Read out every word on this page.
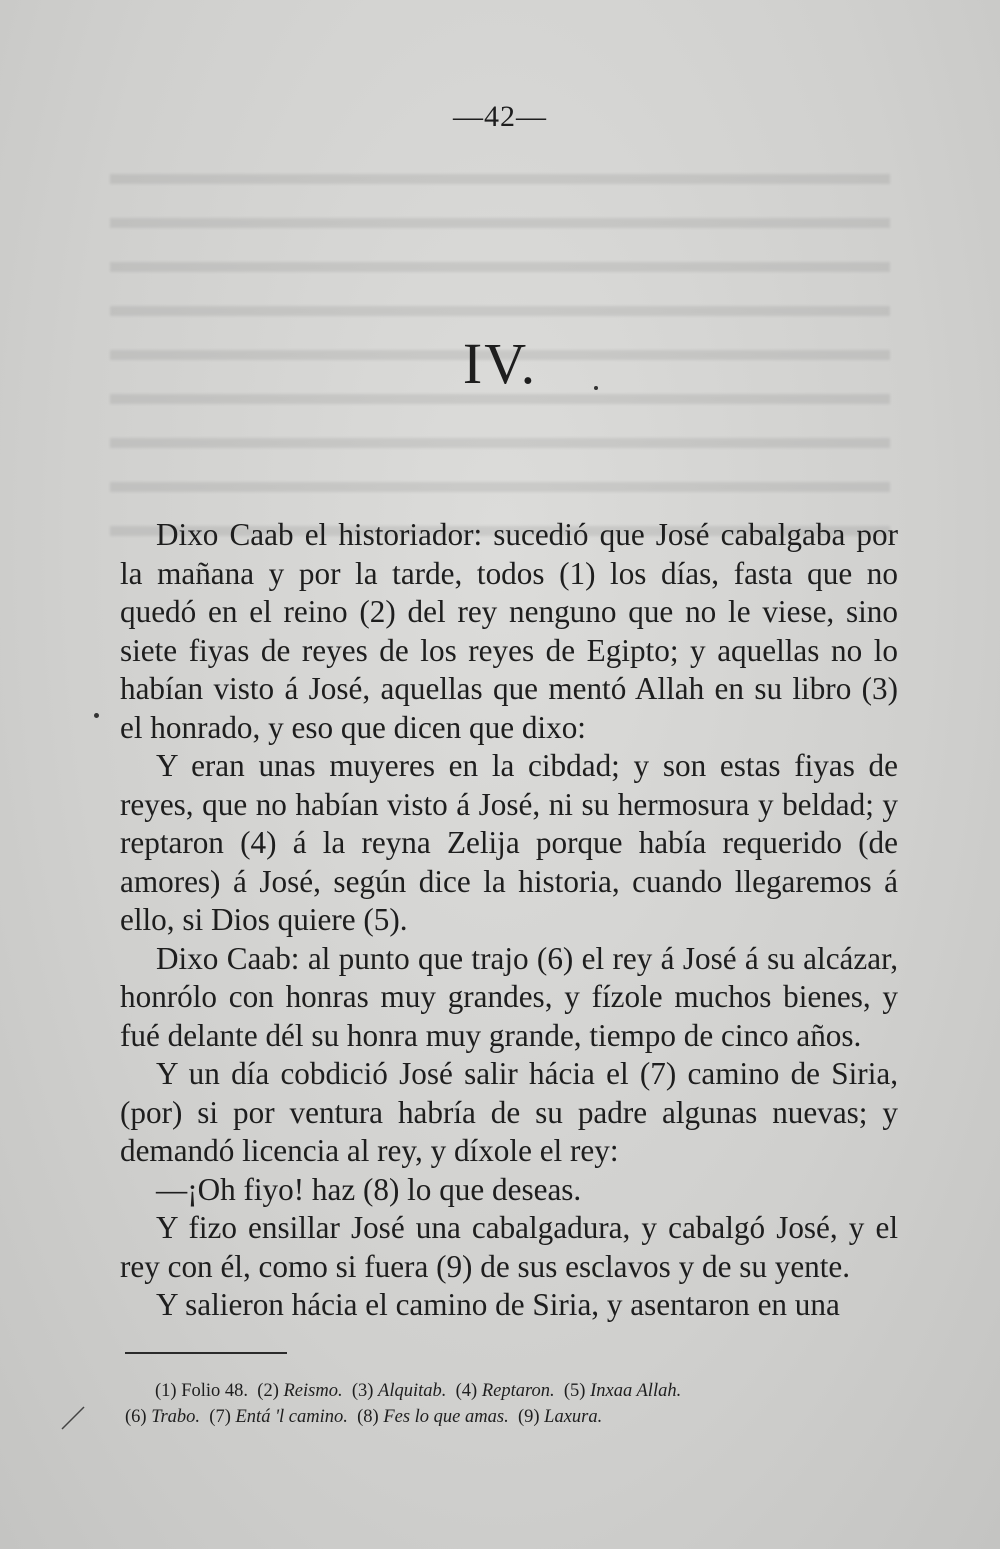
—42—
IV.

Dixo Caab el historiador: sucedió que José cabalgaba por la mañana y por la tarde, todos (1) los días, fasta que no quedó en el reino (2) del rey nenguno que no le viese, sino siete fiyas de reyes de los reyes de Egipto; y aquellas no lo habían visto á José, aquellas que mentó Allah en su libro (3) el honrado, y eso que dicen que dixo:

Y eran unas muyeres en la cibdad; y son estas fiyas de reyes, que no habían visto á José, ni su hermosura y beldad; y reptaron (4) á la reyna Zelija porque había requerido (de amores) á José, según dice la historia, cuando llegaremos á ello, si Dios quiere (5).

Dixo Caab: al punto que trajo (6) el rey á José á su alcázar, honrólo con honras muy grandes, y fízole muchos bienes, y fué delante dél su honra muy grande, tiempo de cinco años.

Y un día cobdició José salir hácia el (7) camino de Siria, (por) si por ventura habría de su padre algunas nuevas; y demandó licencia al rey, y díxole el rey:

—¡Oh fiyo! haz (8) lo que deseas.

Y fizo ensillar José una cabalgadura, y cabalgó José, y el rey con él, como si fuera (9) de sus esclavos y de su yente.

Y salieron hácia el camino de Siria, y asentaron en una

(1) Folio 48. (2) Reismo. (3) Alquitab. (4) Reptaron. (5) Inxaa Allah.
(6) Trabo. (7) Entá 'l camino. (8) Fes lo que amas. (9) Laxura.
